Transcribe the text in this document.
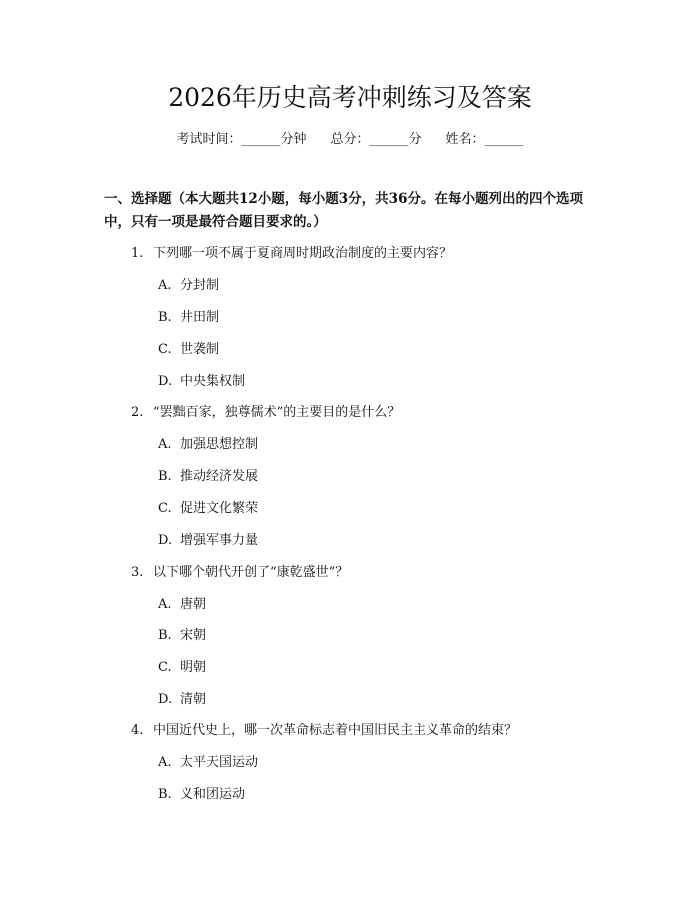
2026年历史高考冲刺练习及答案
考试时间：______分钟 总分：______分 姓名：______
一、选择题（本大题共12小题，每小题3分，共36分。在每小题列出的四个选项中，只有一项是最符合题目要求的。）
1. 下列哪一项不属于夏商周时期政治制度的主要内容？
A. 分封制
B. 井田制
C. 世袭制
D. 中央集权制
2. “罢黜百家，独尊儒术”的主要目的是什么？
A. 加强思想控制
B. 推动经济发展
C. 促进文化繁荣
D. 增强军事力量
3. 以下哪个朝代开创了“康乾盛世”？
A. 唐朝
B. 宋朝
C. 明朝
D. 清朝
4. 中国近代史上，哪一次革命标志着中国旧民主主义革命的结束？
A. 太平天国运动
B. 义和团运动
